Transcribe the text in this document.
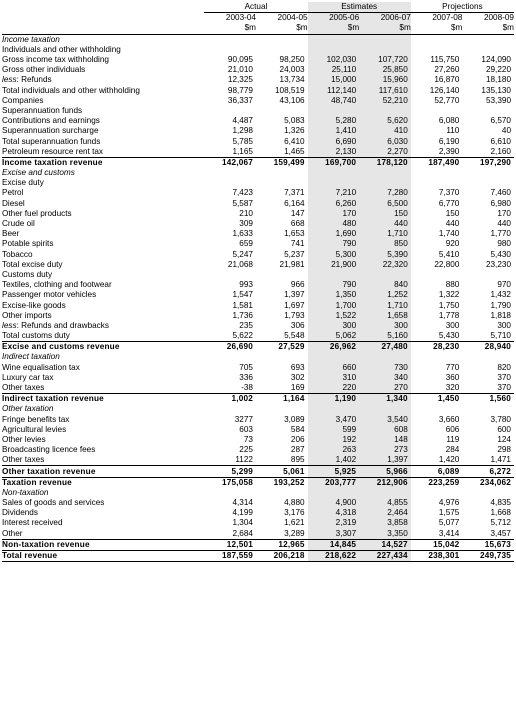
	Actual		Estimates		Projections	
	2003-04	2004-05	2005-06	2006-07	2007-08	2008-09
	$m	$m	$m	$m	$m	$m
Income taxation						
Individuals and other withholding						
Gross income tax withholding	90,095	98,250	102,030	107,720	115,750	124,090
Gross other individuals	21,010	24,003	25,110	25,850	27,260	29,220
less: Refunds	12,325	13,734	15,000	15,960	16,870	18,180
Total individuals and other withholding	98,779	108,519	112,140	117,610	126,140	135,130
Companies	36,337	43,106	48,740	52,210	52,770	53,390
Superannuation funds						
Contributions and earnings	4,487	5,083	5,280	5,620	6,080	6,570
Superannuation surcharge	1,298	1,326	1,410	410	110	40
Total superannuation funds	5,785	6,410	6,690	6,030	6,190	6,610
Petroleum resource rent tax	1,165	1,465	2,130	2,270	2,390	2,160
Income taxation revenue	142,067	159,499	169,700	178,120	187,490	197,290
Excise and customs						
Excise duty						
Petrol	7,423	7,371	7,210	7,280	7,370	7,460
Diesel	5,587	6,164	6,260	6,500	6,770	6,980
Other fuel products	210	147	170	150	150	170
Crude oil	309	668	480	440	440	440
Beer	1,633	1,653	1,690	1,710	1,740	1,770
Potable spirits	659	741	790	850	920	980
Tobacco	5,247	5,237	5,300	5,390	5,410	5,430
Total excise duty	21,068	21,981	21,900	22,320	22,800	23,230
Customs duty						
Textiles, clothing and footwear	993	966	790	840	880	970
Passenger motor vehicles	1,547	1,397	1,350	1,252	1,322	1,432
Excise-like goods	1,581	1,697	1,700	1,710	1,750	1,790
Other imports	1,736	1,793	1,522	1,658	1,778	1,818
less: Refunds and drawbacks	235	306	300	300	300	300
Total customs duty	5,622	5,548	5,062	5,160	5,430	5,710
Excise and customs revenue	26,690	27,529	26,962	27,480	28,230	28,940
Indirect taxation						
Wine equalisation tax	705	693	660	730	770	820
Luxury car tax	336	302	310	340	360	370
Other taxes	-38	169	220	270	320	370
Indirect taxation revenue	1,002	1,164	1,190	1,340	1,450	1,560
Other taxation						
Fringe benefits tax	3277	3,089	3,470	3,540	3,660	3,780
Agricultural levies	603	584	599	608	606	600
Other levies	73	206	192	148	119	124
Broadcasting licence fees	225	287	263	273	284	298
Other taxes	1122	895	1,402	1,397	1,420	1,471
Other taxation revenue	5,299	5,061	5,925	5,966	6,089	6,272
Taxation revenue	175,058	193,252	203,777	212,906	223,259	234,062
Non-taxation						
Sales of goods and services	4,314	4,880	4,900	4,855	4,976	4,835
Dividends	4,199	3,176	4,318	2,464	1,575	1,668
Interest received	1,304	1,621	2,319	3,858	5,077	5,712
Other	2,684	3,289	3,307	3,350	3,414	3,457
Non-taxation revenue	12,501	12,965	14,845	14,527	15,042	15,673
Total revenue	187,559	206,218	218,622	227,434	238,301	249,735
